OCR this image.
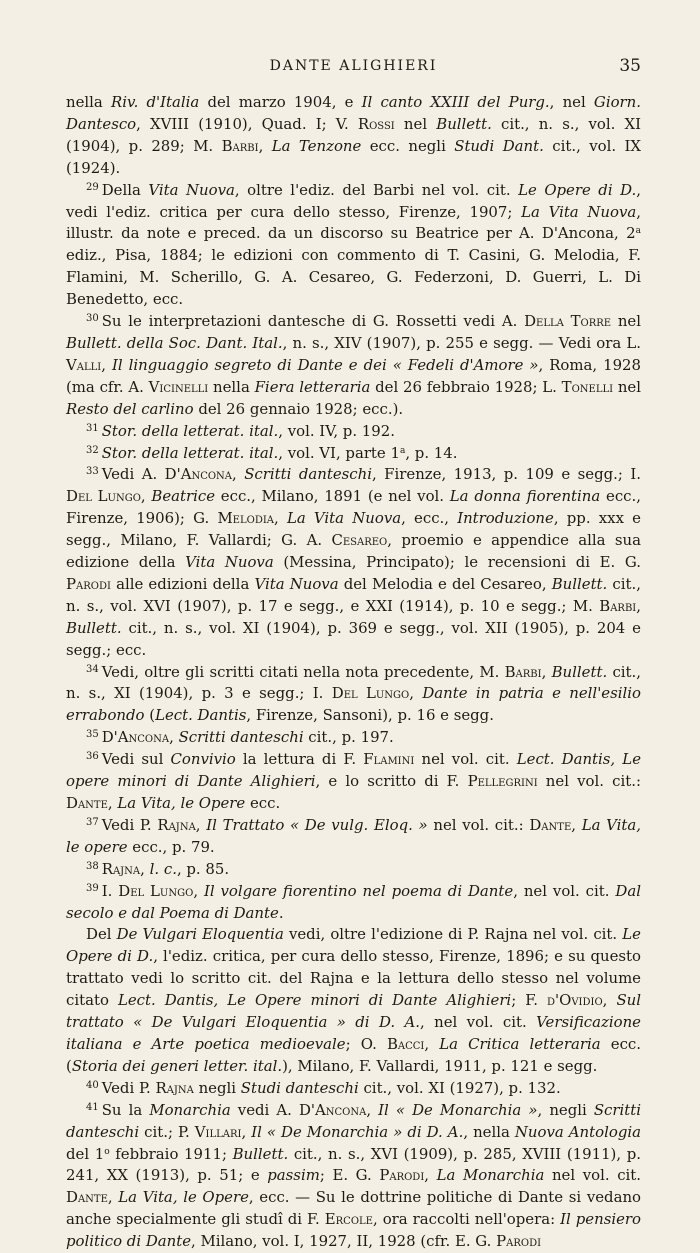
DANTE ALIGHIERI	35

nella Riv. d'Italia del marzo 1904, e Il canto XXIII del Purg., nel Giorn. Dantesco, XVIII (1910), Quad. I; V. Rossi nel Bullett. cit., n. s., vol. XI (1904), p. 289; M. Barbi, La Tenzone ecc. negli Studi Dant. cit., vol. IX (1924).

$^{29}$ Della Vita Nuova, oltre l'ediz. del Barbi nel vol. cit. Le Opere di D., vedi l'ediz. critica per cura dello stesso, Firenze, 1907; La Vita Nuova, illustr. da note e preced. da un discorso su Beatrice per A. D'Ancona, 2$^a$ ediz., Pisa, 1884; le edizioni con commento di T. Casini, G. Melodia, F. Flamini, M. Scherillo, G. A. Cesareo, G. Federzoni, D. Guerri, L. Di Benedetto, ecc.

$^{30}$ Su le interpretazioni dantesche di G. Rossetti vedi A. Della Torre nel Bullett. della Soc. Dant. Ital., n. s., XIV (1907), p. 255 e segg. — Vedi ora L. Valli, Il linguaggio segreto di Dante e dei « Fedeli d'Amore », Roma, 1928 (ma cfr. A. Vicinelli nella Fiera letteraria del 26 febbraio 1928; L. Tonelli nel Resto del carlino del 26 gennaio 1928; ecc.).

$^{31}$ Stor. della letterat. ital., vol. IV, p. 192.

$^{32}$ Stor. della letterat. ital., vol. VI, parte 1$^a$, p. 14.

$^{33}$ Vedi A. D'Ancona, Scritti danteschi, Firenze, 1913, p. 109 e segg.; I. Del Lungo, Beatrice ecc., Milano, 1891 (e nel vol. La donna fiorentina ecc., Firenze, 1906); G. Melodia, La Vita Nuova, ecc., Introduzione, pp. xxx e segg., Milano, F. Vallardi; G. A. Cesareo, proemio e appendice alla sua edizione della Vita Nuova (Messina, Principato); le recensioni di E. G. Parodi alle edizioni della Vita Nuova del Melodia e del Cesareo, Bullett. cit., n. s., vol. XVI (1907), p. 17 e segg., e XXI (1914), p. 10 e segg.; M. Barbi, Bullett. cit., n. s., vol. XI (1904), p. 369 e segg., vol. XII (1905), p. 204 e segg.; ecc.

$^{34}$ Vedi, oltre gli scritti citati nella nota precedente, M. Barbi, Bullett. cit., n. s., XI (1904), p. 3 e segg.; I. Del Lungo, Dante in patria e nell'esilio errabondo (Lect. Dantis, Firenze, Sansoni), p. 16 e segg.

$^{35}$ D'Ancona, Scritti danteschi cit., p. 197.

$^{36}$ Vedi sul Convivio la lettura di F. Flamini nel vol. cit. Lect. Dantis, Le opere minori di Dante Alighieri, e lo scritto di F. Pellegrini nel vol. cit.: Dante, La Vita, le Opere ecc.

$^{37}$ Vedi P. Rajna, Il Trattato « De vulg. Eloq. » nel vol. cit.: Dante, La Vita, le opere ecc., p. 79.

$^{38}$ Rajna, l. c., p. 85.

$^{39}$ I. Del Lungo, Il volgare fiorentino nel poema di Dante, nel vol. cit. Dal secolo e dal Poema di Dante.

Del De Vulgari Eloquentia vedi, oltre l'edizione di P. Rajna nel vol. cit. Le Opere di D., l'ediz. critica, per cura dello stesso, Firenze, 1896; e su questo trattato vedi lo scritto cit. del Rajna e la lettura dello stesso nel volume citato Lect. Dantis, Le Opere minori di Dante Alighieri; F. d'Ovidio, Sul trattato « De Vulgari Eloquentia » di D. A., nel vol. cit. Versificazione italiana e Arte poetica medioevale; O. Bacci, La Critica letteraria ecc. (Storia dei generi letter. ital.), Milano, F. Vallardi, 1911, p. 121 e segg.

$^{40}$ Vedi P. Rajna negli Studi danteschi cit., vol. XI (1927), p. 132.

$^{41}$ Su la Monarchia vedi A. D'Ancona, Il « De Monarchia », negli Scritti danteschi cit.; P. Villari, Il « De Monarchia » di D. A., nella Nuova Antologia del 1$^o$ febbraio 1911; Bullett. cit., n. s., XVI (1909), p. 285, XVIII (1911), p. 241, XX (1913), p. 51; e passim; E. G. Parodi, La Monarchia nel vol. cit. Dante, La Vita, le Opere, ecc. — Su le dottrine politiche di Dante si vedano anche specialmente gli studî di F. Ercole, ora raccolti nell'opera: Il pensiero politico di Dante, Milano, vol. I, 1927, II, 1928 (cfr. E. G. Parodi
